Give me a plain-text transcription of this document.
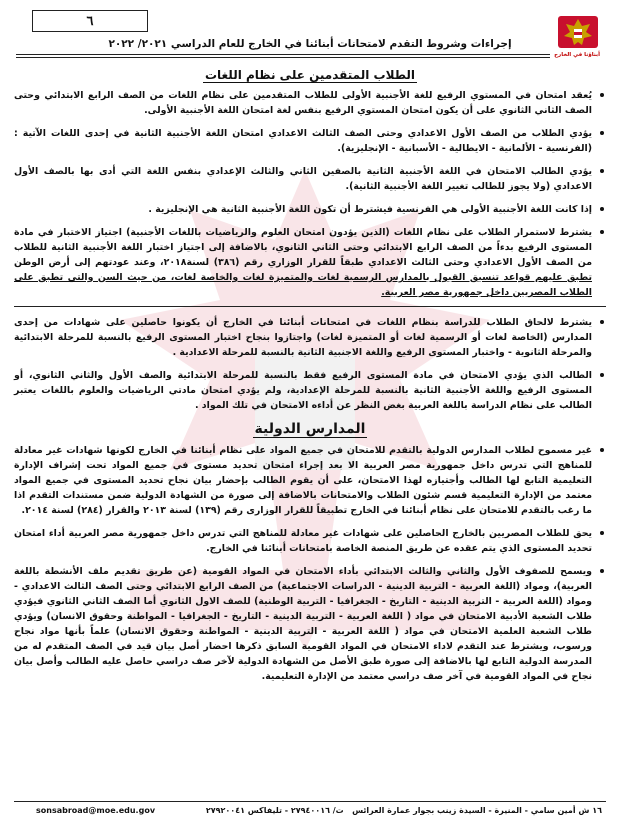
٦
أبناؤنا في الخارج
إجراءات وشروط التقدم لامتحانات أبنائنا في الخارج للعام الدراسي ٢٠٢١/ ٢٠٢٢
الطلاب المتقدمين على نظام اللغات
يُعقد امتحان في المستوي الرفيع للغة الأجنبية الأولى للطلاب المتقدمين على نظام اللغات من الصف الرابع الابتدائي وحتى الصف الثاني الثانوي على أن يكون امتحان المستوي الرفيع بنفس لغة امتحان اللغة الأجنبية الأولى.
يؤدي الطلاب من الصف الأول الاعدادي وحتى الصف الثالث الاعدادي امتحان اللغة الأجنبية الثانية في إحدى اللغات الآتية : (الفرنسية - الألمانية - الايطالية - الأسبانية - الإنجليزية).
يؤدي الطالب الامتحان في اللغة الأجنبية الثانية بالصفين الثاني والثالث الإعدادي بنفس اللغة التي أدى بها بالصف الأول الاعدادي (ولا يجوز للطالب تغيير اللغة الأجنبية الثانية).
إذا كانت اللغة الأجنبية الأولى هي الفرنسية فيشترط أن تكون اللغة الأجنبية الثانية هي الإنجليزية .
يشترط لاستمرار الطلاب على نظام اللغات (الذين يؤدون امتحان العلوم والرياضيات باللغات الأجنبية) اجتياز الاختبار في مادة المستوى الرفيع بدءاً من الصف الرابع الابتدائي وحتى الثاني الثانوي، بالاضافة إلى اجتياز اختبار اللغة الأجنبية الثانية للطلاب من الصف الأول الاعدادي وحتى الثالث الاعدادي طبقاً للقرار الوزاري رقم (٣٨٦) لسنة٢٠١٨، وعند عودتهم إلى أرض الوطن تطبق عليهم قواعد تنسيق القبول بالمدارس الرسمية لغات والمتميزة لغات والخاصة لغات، من حيث السن والتي تطبق على الطلاب المصريين داخل جمهورية مصر العربية.
يشترط لالحاق الطلاب للدراسة بنظام اللغات في امتحانات أبنائنا في الخارج أن يكونوا حاصلين على شهادات من إحدى المدارس (الخاصة لغات أو الرسمية لغات أو المتميزة لغات) واجتازوا بنجاح اختبار المستوى الرفيع بالنسبة للمرحلة الابتدائية والمرحلة الثانوية - واختبار المستوى الرفيع واللغة الاجنبية الثانية بالنسبة للمرحلة الاعدادية .
الطالب الذي يؤدي الامتحان في مادة المستوى الرفيع فقط بالنسبة للمرحلة الابتدائية والصف الأول والثاني الثانوي، أو المستوى الرفيع واللغة الأجنبية الثانية بالنسبة للمرحلة الإعدادية، ولم يؤدي امتحان مادتي الرياضيات والعلوم باللغات يعتبر الطالب على نظام الدراسة باللغة العربية بغض النظر عن أداءه الامتحان في تلك المواد .
المدارس الدولية
غير مسموح لطلاب المدارس الدولية بالتقدم للامتحان في جميع المواد على نظام أبنائنا في الخارج لكونها شهادات غير معادلة للمناهج التي تدرس داخل جمهورية مصر العربية الا بعد إجراء امتحان تحديد مستوى في جميع المواد تحت إشراف الإدارة التعليمية التابع لها الطالب وأجتيازه لهذا الامتحان، على أن يقوم الطالب بإحضار بيان نجاح تحديد المستوى في جميع المواد معتمد من الإدارة التعليمية قسم شئون الطلاب والامتحانات بالاضافة إلى صورة من الشهادة الدولية ضمن مستندات التقدم اذا ما رغب بالتقدم للامتحان على نظام أبنائنا في الخارج تطبيقاً للقرار الوزارى رقم (١٣٩) لسنة ٢٠١٣ والقرار (٢٨٤) لسنة ٢٠١٤.
يحق للطلاب المصريين بالخارج الحاصلين على شهادات غير معادلة للمناهج التي تدرس داخل جمهورية مصر العربية أداء امتحان تحديد المستوى الذي يتم عقده عن طريق المنصة الخاصة بامتحانات أبنائنا في الخارج.
ويسمح للصفوف الأول والثاني والثالث الابتدائي بأداء الامتحان في المواد القومية (عن طريق تقديم ملف الأنشطة باللغة العربية)، ومواد (اللغة العربية - التربية الدينية - الدراسات الاجتماعية) من الصف الرابع الابتدائي وحتى الصف الثالث الاعدادي - ومواد (اللغة العربية - التربية الدينية - التاريخ - الجغرافيا - التربية الوطنية) للصف الاول الثانوي أما الصف الثاني الثانوي فيؤدي طلاب الشعبة الأدبية الامتحان في مواد ( اللغة العربية - التربية الدينية - التاريخ - الجغرافيا - المواطنة وحقوق الانسان) ويؤدي طلاب الشعبة العلمية الامتحان في مواد ( اللغة العربية - التربية الدينية - المواطنة وحقوق الانسان) علماً بأنها مواد نجاح ورسوب، ويشترط عند التقدم لاداء الامتحان في المواد القومية السابق ذكرها احضار أصل بيان قيد في الصف المتقدم له من المدرسة الدولية التابع لها بالاضافة إلى صورة طبق الأصل من الشهادة الدولية لآخر صف دراسي حاصل عليه الطالب وأصل بيان نجاح في المواد القومية في آخر صف دراسي معتمد من الإدارة التعليمية.
١٦ ش أمين سامي - المنيرة - السيدة زينب بجوار عمارة العرائس   ت/ ٢٧٩٤٠٠١٦ - تليفاكس ٢٧٩٢٠٠٤١
sonsabroad@moe.edu.gov
